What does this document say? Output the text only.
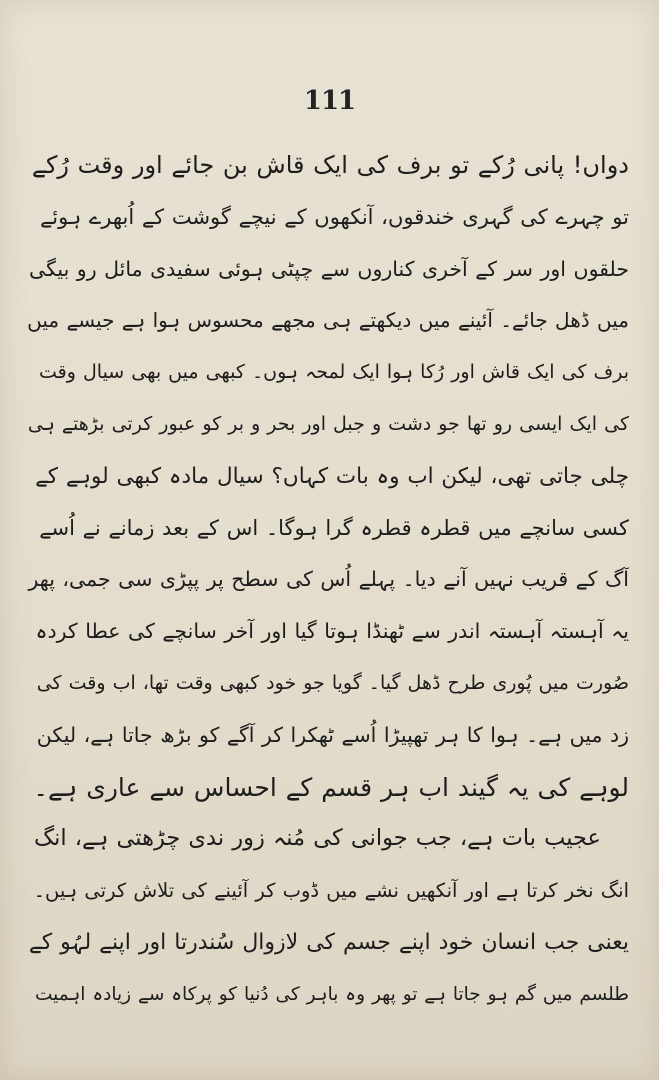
111
دواں! پانی رُکے تو برف کی ایک قاش بن جائے اور وقت رُکے
تو چہرے کی گہری خندقوں، آنکھوں کے نیچے گوشت کے اُبھرے ہوئے
حلقوں اور سر کے آخری کناروں سے چپٹی ہوئی سفیدی مائل رو بیگی
میں ڈھل جائے۔ آئینے میں دیکھتے ہی مجھے محسوس ہوا ہے جیسے میں
برف کی ایک قاش اور رُکا ہوا ایک لمحہ ہوں۔ کبھی میں بھی سیال وقت
کی ایک ایسی رو تھا جو دشت و جبل اور بحر و بر کو عبور کرتی بڑھتے ہی
چلی جاتی تھی، لیکن اب وہ بات کہاں؟ سیال مادہ کبھی لوہے کے
کسی سانچے میں قطرہ قطرہ گرا ہوگا۔ اس کے بعد زمانے نے اُسے
آگ کے قریب نہیں آنے دیا۔ پہلے اُس کی سطح پر پپڑی سی جمی، پھر
یہ آہستہ آہستہ اندر سے ٹھنڈا ہوتا گیا اور آخر سانچے کی عطا کردہ
صُورت میں پُوری طرح ڈھل گیا۔ گویا جو خود کبھی وقت تھا، اب وقت کی
زد میں ہے۔ ہوا کا ہر تھپیڑا اُسے ٹھکرا کر آگے کو بڑھ جاتا ہے، لیکن
لوہے کی یہ گیند اب ہر قسم کے احساس سے عاری ہے۔
عجیب بات ہے، جب جوانی کی مُنہ زور ندی چڑھتی ہے، انگ
انگ نخر کرتا ہے اور آنکھیں نشے میں ڈوب کر آئینے کی تلاش کرتی ہیں۔
یعنی جب انسان خود اپنے جسم کی لازوال سُندرتا اور اپنے لہُو کے
طلسم میں گم ہو جاتا ہے تو پھر وہ باہر کی دُنیا کو پرکاہ سے زیادہ اہمیت
